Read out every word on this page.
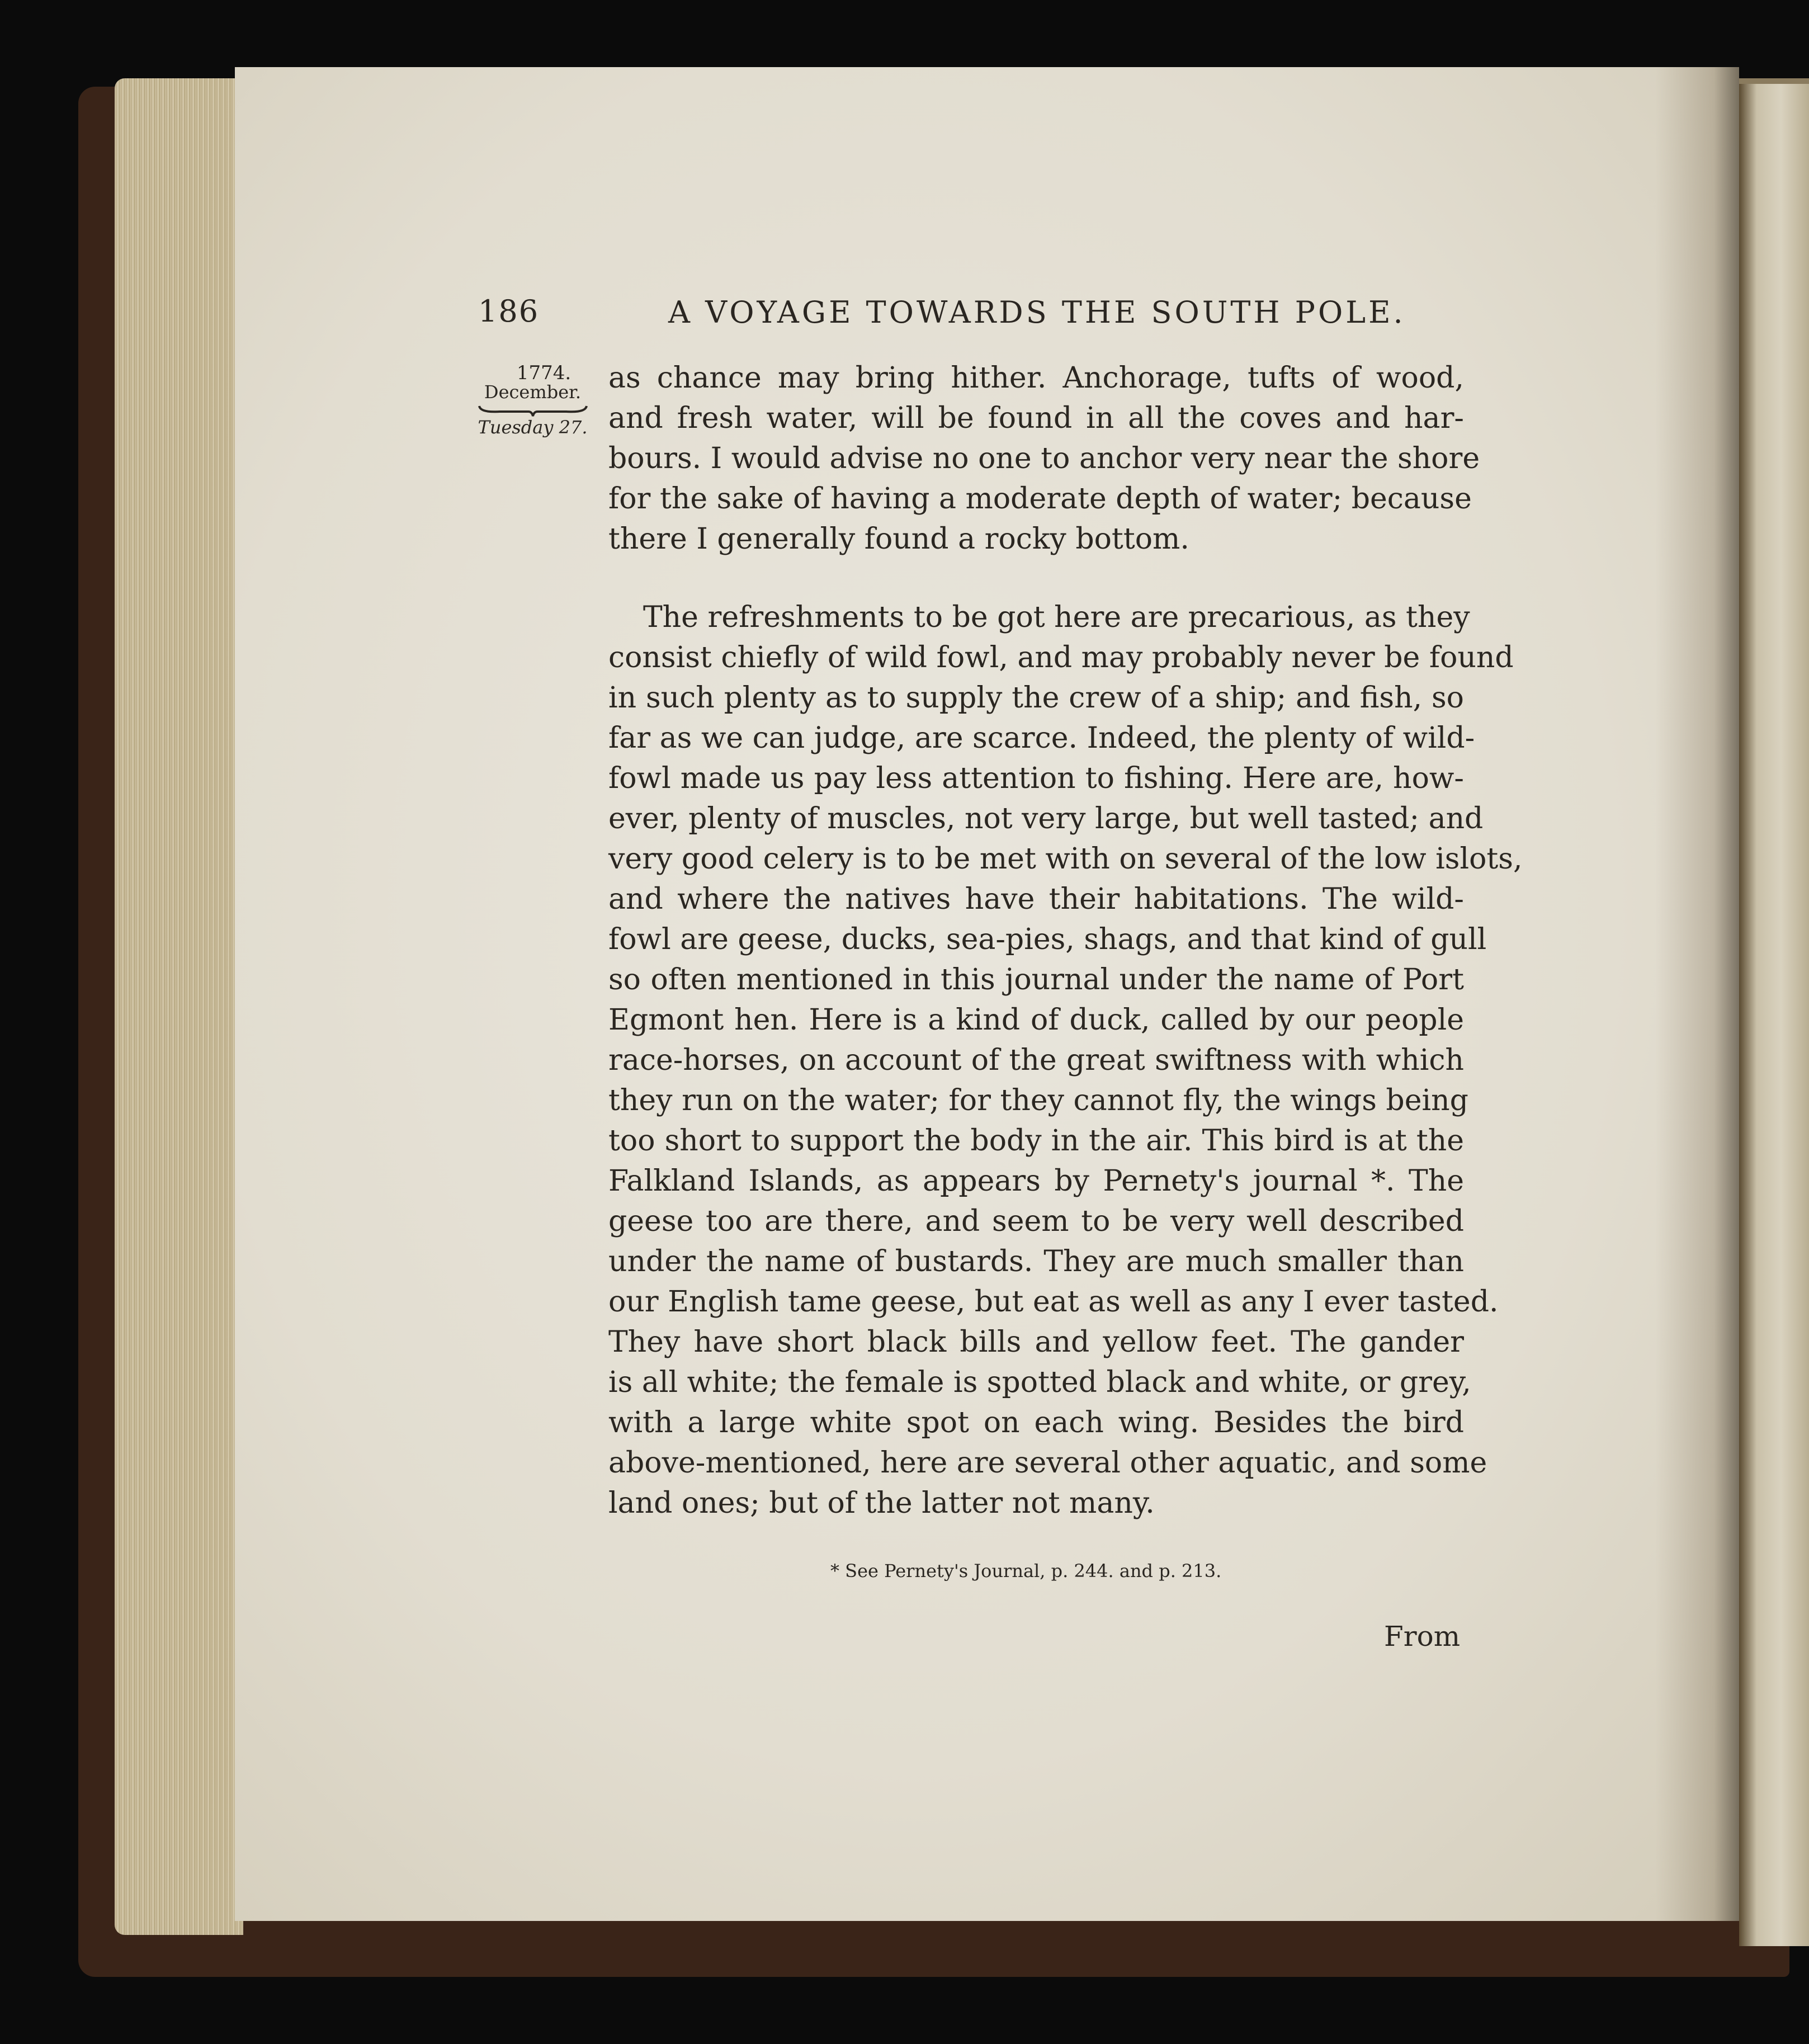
186	A VOYAGE TOWARDS THE SOUTH POLE.
1774.
December.
Tuesday 27.
as chance may bring hither. Anchorage, tufts of wood,
and fresh water, will be found in all the coves and har-
bours. I would advise no one to anchor very near the shore
for the sake of having a moderate depth of water; because
there I generally found a rocky bottom.
The refreshments to be got here are precarious, as they
consist chiefly of wild fowl, and may probably never be found
in such plenty as to supply the crew of a ship; and fish, so
far as we can judge, are scarce. Indeed, the plenty of wild-
fowl made us pay less attention to fishing. Here are, how-
ever, plenty of muscles, not very large, but well tasted; and
very good celery is to be met with on several of the low islots,
and where the natives have their habitations. The wild-
fowl are geese, ducks, sea-pies, shags, and that kind of gull
so often mentioned in this journal under the name of Port
Egmont hen. Here is a kind of duck, called by our people
race-horses, on account of the great swiftness with which
they run on the water; for they cannot fly, the wings being
too short to support the body in the air. This bird is at the
Falkland Islands, as appears by Pernety's journal *. The
geese too are there, and seem to be very well described
under the name of bustards. They are much smaller than
our English tame geese, but eat as well as any I ever tasted.
They have short black bills and yellow feet. The gander
is all white; the female is spotted black and white, or grey,
with a large white spot on each wing. Besides the bird
above-mentioned, here are several other aquatic, and some
land ones; but of the latter not many.
* See Pernety's Journal, p. 244. and p. 213.
From
